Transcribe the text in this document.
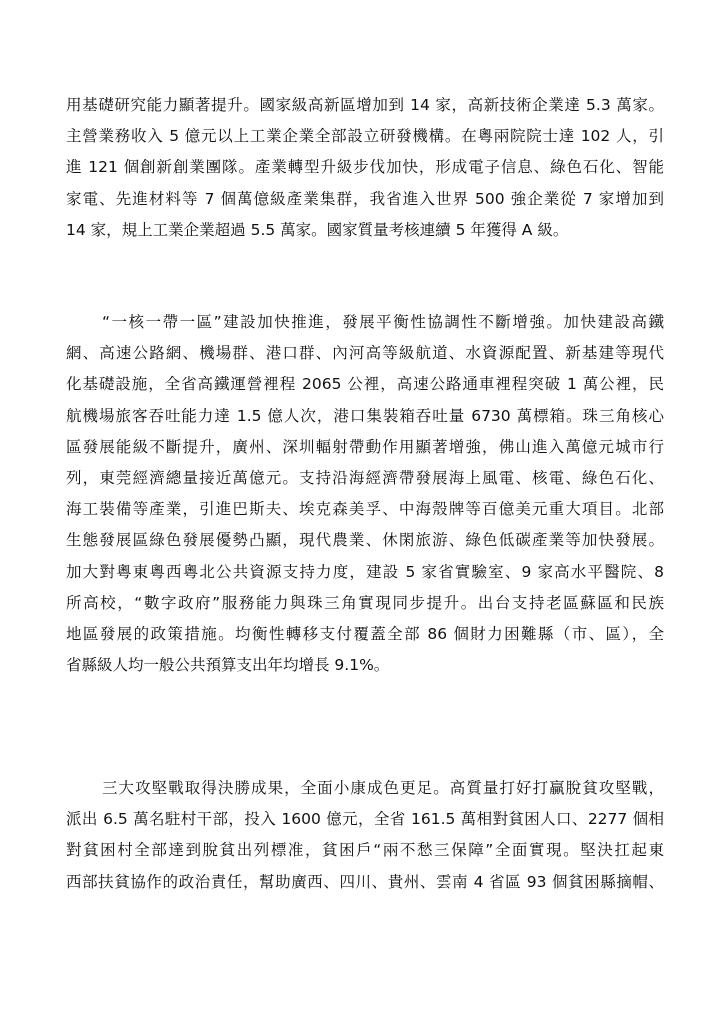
用基礎研究能力顯著提升。國家級高新區增加到 14 家，高新技術企業達 5.3 萬家。
主營業務收入 5 億元以上工業企業全部設立研發機構。在粵兩院院士達 102 人，引
進 121 個創新創業團隊。產業轉型升級步伐加快，形成電子信息、綠色石化、智能
家電、先進材料等 7 個萬億級產業集群，我省進入世界 500 強企業從 7 家增加到
14 家，規上工業企業超過 5.5 萬家。國家質量考核連續 5 年獲得 A 級。
“一核一帶一區”建設加快推進，發展平衡性協調性不斷增強。加快建設高鐵
網、高速公路網、機場群、港口群、內河高等級航道、水資源配置、新基建等現代
化基礎設施，全省高鐵運營裡程 2065 公裡，高速公路通車裡程突破 1 萬公裡，民
航機場旅客吞吐能力達 1.5 億人次，港口集裝箱吞吐量 6730 萬標箱。珠三角核心
區發展能級不斷提升，廣州、深圳輻射帶動作用顯著增強，佛山進入萬億元城市行
列，東莞經濟總量接近萬億元。支持沿海經濟帶發展海上風電、核電、綠色石化、
海工裝備等產業，引進巴斯夫、埃克森美孚、中海殼牌等百億美元重大項目。北部
生態發展區綠色發展優勢凸顯，現代農業、休閑旅游、綠色低碳產業等加快發展。
加大對粵東粵西粵北公共資源支持力度，建設 5 家省實驗室、9 家高水平醫院、8
所高校，“數字政府”服務能力與珠三角實現同步提升。出台支持老區蘇區和民族
地區發展的政策措施。均衡性轉移支付覆蓋全部 86 個財力困難縣（市、區），全
省縣級人均一般公共預算支出年均增長 9.1%。
三大攻堅戰取得決勝成果，全面小康成色更足。高質量打好打贏脫貧攻堅戰，
派出 6.5 萬名駐村干部，投入 1600 億元，全省 161.5 萬相對貧困人口、2277 個相
對貧困村全部達到脫貧出列標准，貧困戶“兩不愁三保障”全面實現。堅決扛起東
西部扶貧協作的政治責任，幫助廣西、四川、貴州、雲南 4 省區 93 個貧困縣摘帽、
